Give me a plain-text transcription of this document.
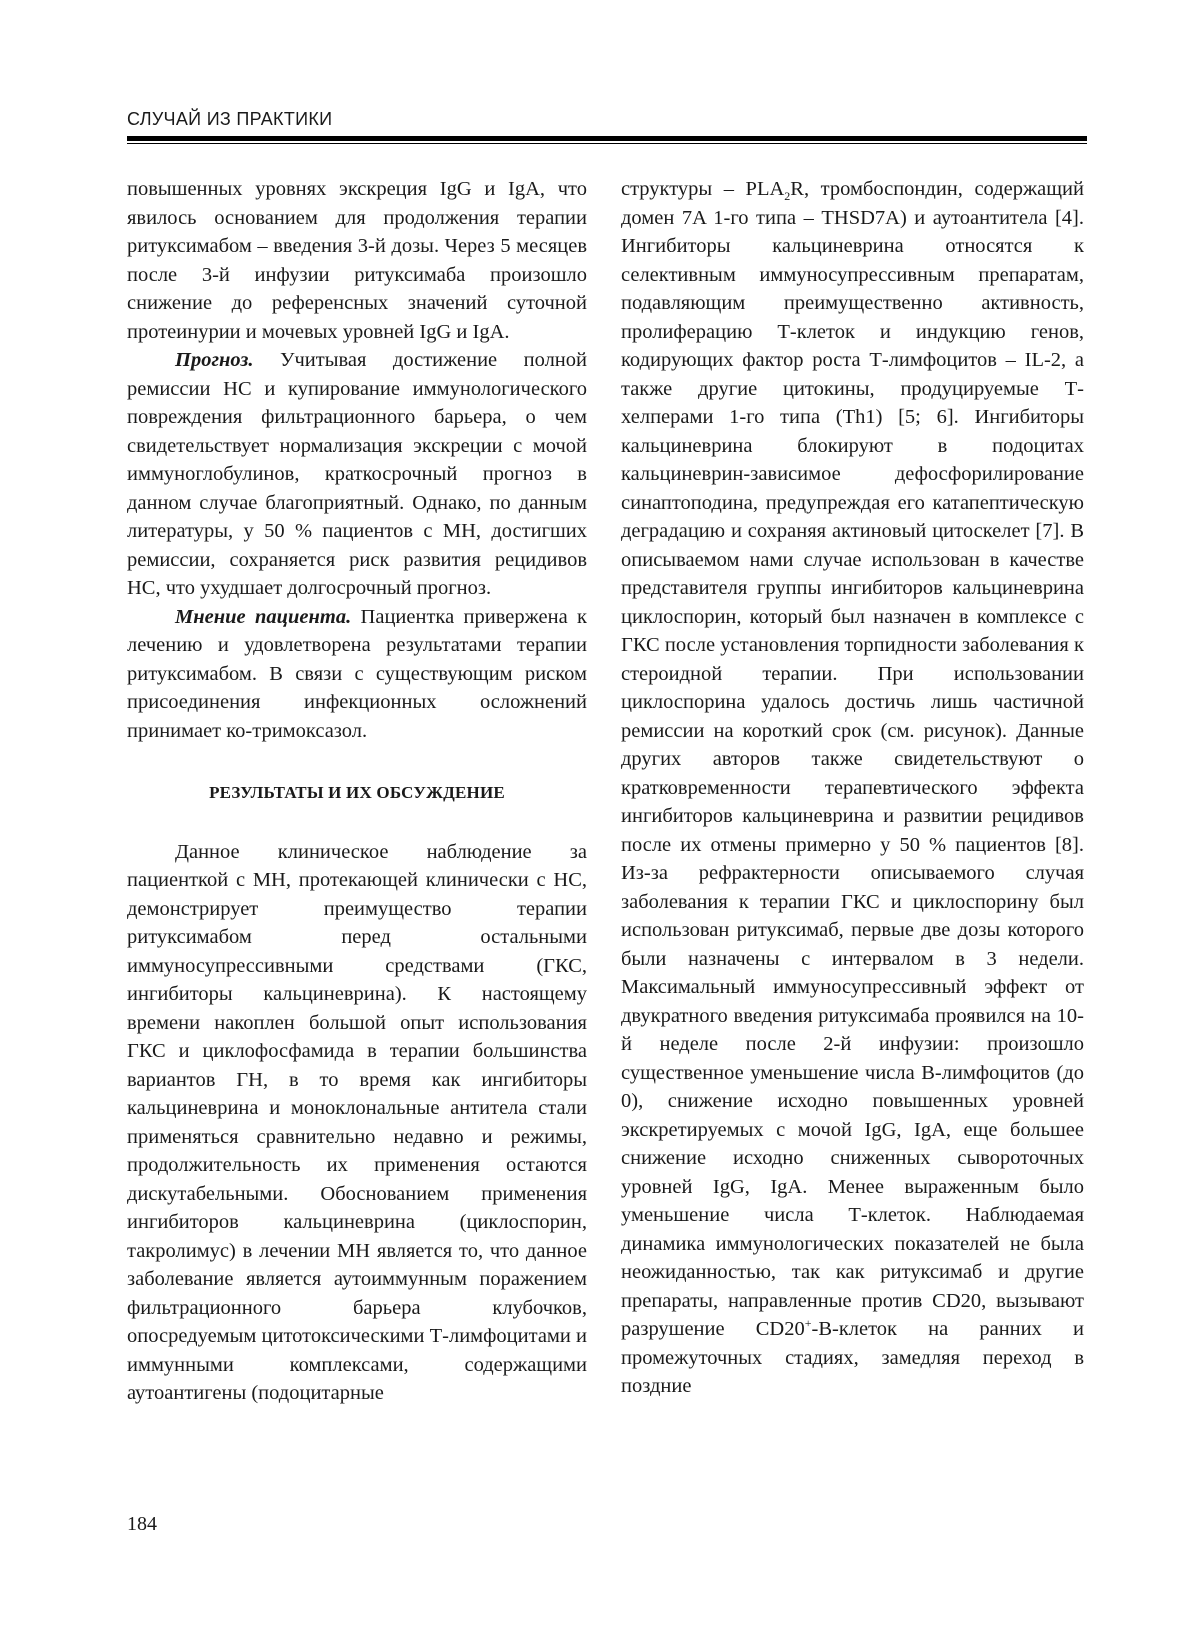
СЛУЧАЙ ИЗ ПРАКТИКИ

повышенных уровнях экскреция IgG и IgA, что явилось основанием для продолжения терапии ритуксимабом – введения 3-й дозы. Через 5 месяцев после 3-й инфузии ритуксимаба произошло снижение до референсных значений суточной протеинурии и мочевых уровней IgG и IgA.

Прогноз. Учитывая достижение полной ремиссии НС и купирование иммунологического повреждения фильтрационного барьера, о чем свидетельствует нормализация экскреции с мочой иммуноглобулинов, краткосрочный прогноз в данном случае благоприятный. Однако, по данным литературы, у 50 % пациентов с МН, достигших ремиссии, сохраняется риск развития рецидивов НС, что ухудшает долгосрочный прогноз.

Мнение пациента. Пациентка привержена к лечению и удовлетворена результатами терапии ритуксимабом. В связи с существующим риском присоединения инфекционных осложнений принимает ко-тримоксазол.

РЕЗУЛЬТАТЫ И ИХ ОБСУЖДЕНИЕ

Данное клиническое наблюдение за пациенткой с МН, протекающей клинически с НС, демонстрирует преимущество терапии ритуксимабом перед остальными иммуносупрессивными средствами (ГКС, ингибиторы кальциневрина). К настоящему времени накоплен большой опыт использования ГКС и циклофосфамида в терапии большинства вариантов ГН, в то время как ингибиторы кальциневрина и моноклональные антитела стали применяться сравнительно недавно и режимы, продолжительность их применения остаются дискутабельными. Обоснованием применения ингибиторов кальциневрина (циклоспорин, такролимус) в лечении МН является то, что данное заболевание является аутоиммунным поражением фильтрационного барьера клубочков, опосредуемым цитотоксическими Т-лимфоцитами и иммунными комплексами, содержащими аутоантигены (подоцитарные

структуры – $PLA_2R$, тромбоспондин, содержащий домен 7A 1-го типа – THSD7A) и аутоантитела [4]. Ингибиторы кальциневрина относятся к селективным иммуносупрессивным препаратам, подавляющим преимущественно активность, пролиферацию Т-клеток и индукцию генов, кодирующих фактор роста Т-лимфоцитов – IL-2, а также другие цитокины, продуцируемые Т-хелперами 1-го типа (Th1) [5; 6]. Ингибиторы кальциневрина блокируют в подоцитах кальциневрин-зависимое дефосфорилирование синаптоподина, предупреждая его катапептическую деградацию и сохраняя актиновый цитоскелет [7]. В описываемом нами случае использован в качестве представителя группы ингибиторов кальциневрина циклоспорин, который был назначен в комплексе с ГКС после установления торпидности заболевания к стероидной терапии. При использовании циклоспорина удалось достичь лишь частичной ремиссии на короткий срок (см. рисунок). Данные других авторов также свидетельствуют о кратковременности терапевтического эффекта ингибиторов кальциневрина и развитии рецидивов после их отмены примерно у 50 % пациентов [8]. Из-за рефрактерности описываемого случая заболевания к терапии ГКС и циклоспорину был использован ритуксимаб, первые две дозы которого были назначены с интервалом в 3 недели. Максимальный иммуносупрессивный эффект от двукратного введения ритуксимаба проявился на 10-й неделе после 2-й инфузии: произошло существенное уменьшение числа В-лимфоцитов (до 0), снижение исходно повышенных уровней экскретируемых с мочой IgG, IgA, еще большее снижение исходно сниженных сывороточных уровней IgG, IgA. Менее выраженным было уменьшение числа Т-клеток. Наблюдаемая динамика иммунологических показателей не была неожиданностью, так как ритуксимаб и другие препараты, направленные против CD20, вызывают разрушение CD20+-В-клеток на ранних и промежуточных стадиях, замедляя переход в поздние

184
